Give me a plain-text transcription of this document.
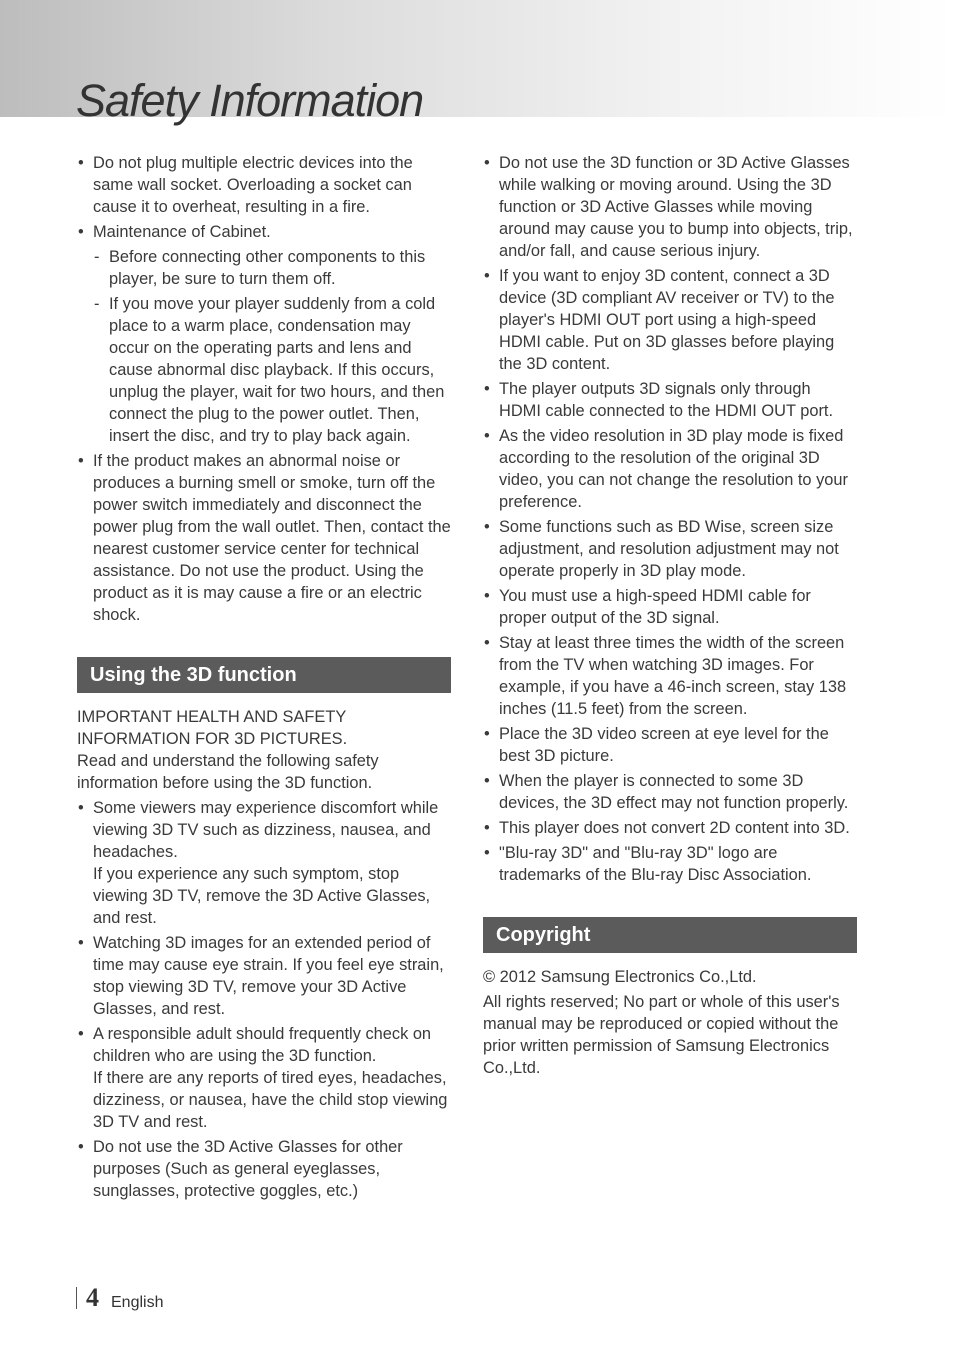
Safety Information

• Do not plug multiple electric devices into the same wall socket. Overloading a socket can cause it to overheat, resulting in a fire.

• Maintenance of Cabinet.

- Before connecting other components to this player, be sure to turn them off.
- If you move your player suddenly from a cold place to a warm place, condensation may occur on the operating parts and lens and cause abnormal disc playback. If this occurs, unplug the player, wait for two hours, and then connect the plug to the power outlet. Then, insert the disc, and try to play back again.

• If the product makes an abnormal noise or produces a burning smell or smoke, turn off the power switch immediately and disconnect the power plug from the wall outlet. Then, contact the nearest customer service center for technical assistance. Do not use the product. Using the product as it is may cause a fire or an electric shock.

Using the 3D function

IMPORTANT HEALTH AND SAFETY INFORMATION FOR 3D PICTURES.

Read and understand the following safety information before using the 3D function.

• Some viewers may experience discomfort while viewing 3D TV such as dizziness, nausea, and headaches.

If you experience any such symptom, stop viewing 3D TV, remove the 3D Active Glasses, and rest.

• Watching 3D images for an extended period of time may cause eye strain. If you feel eye strain, stop viewing 3D TV, remove your 3D Active Glasses, and rest.

• A responsible adult should frequently check on children who are using the 3D function.

If there are any reports of tired eyes, headaches, dizziness, or nausea, have the child stop viewing 3D TV and rest.

• Do not use the 3D Active Glasses for other purposes (Such as general eyeglasses, sunglasses, protective goggles, etc.)

• Do not use the 3D function or 3D Active Glasses while walking or moving around. Using the 3D function or 3D Active Glasses while moving around may cause you to bump into objects, trip, and/or fall, and cause serious injury.
• If you want to enjoy 3D content, connect a 3D device (3D compliant AV receiver or TV) to the player's HDMI OUT port using a high-speed HDMI cable. Put on 3D glasses before playing the 3D content.
• The player outputs 3D signals only through HDMI cable connected to the HDMI OUT port.
• As the video resolution in 3D play mode is fixed according to the resolution of the original 3D video, you can not change the resolution to your preference.
• Some functions such as BD Wise, screen size adjustment, and resolution adjustment may not operate properly in 3D play mode.
• You must use a high-speed HDMI cable for proper output of the 3D signal.
• Stay at least three times the width of the screen from the TV when watching 3D images. For example, if you have a 46-inch screen, stay 138 inches (11.5 feet) from the screen.
• Place the 3D video screen at eye level for the best 3D picture.
• When the player is connected to some 3D devices, the 3D effect may not function properly.
• This player does not convert 2D content into 3D.
• "Blu-ray 3D" and "Blu-ray 3D" logo are trademarks of the Blu-ray Disc Association.
Copyright

© 2012 Samsung Electronics Co.,Ltd.

All rights reserved; No part or whole of this user's manual may be reproduced or copied without the prior written permission of Samsung Electronics Co.,Ltd.

4 English
